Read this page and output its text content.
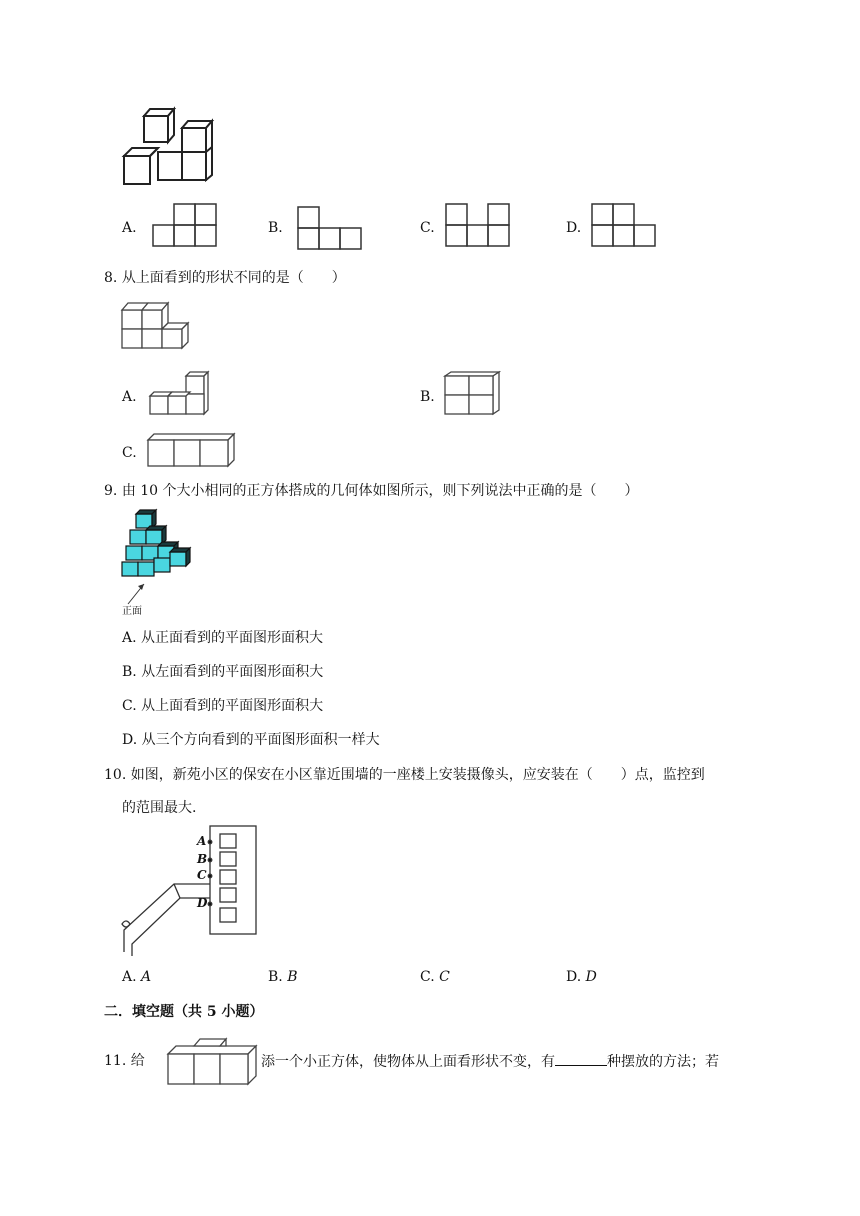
A.	B.	C.	D.
8. 从上面看到的形状不同的是（　　）
A.	B.
C.
9. 由 10 个大小相同的正方体搭成的几何体如图所示，则下列说法中正确的是（　　）
正面
A. 从正面看到的平面图形面积大
B. 从左面看到的平面图形面积大
C. 从上面看到的平面图形面积大
D. 从三个方向看到的平面图形面积一样大
10. 如图，新苑小区的保安在小区靠近围墙的一座楼上安装摄像头，应安装在（　　）点，监控到
的范围最大.
A
B
C
D
A. A	B. B	C. C	D. D
二．填空题（共 5 小题）
11. 给	添一个小正方体，使物体从上面看形状不变，有	种摆放的方法；若
